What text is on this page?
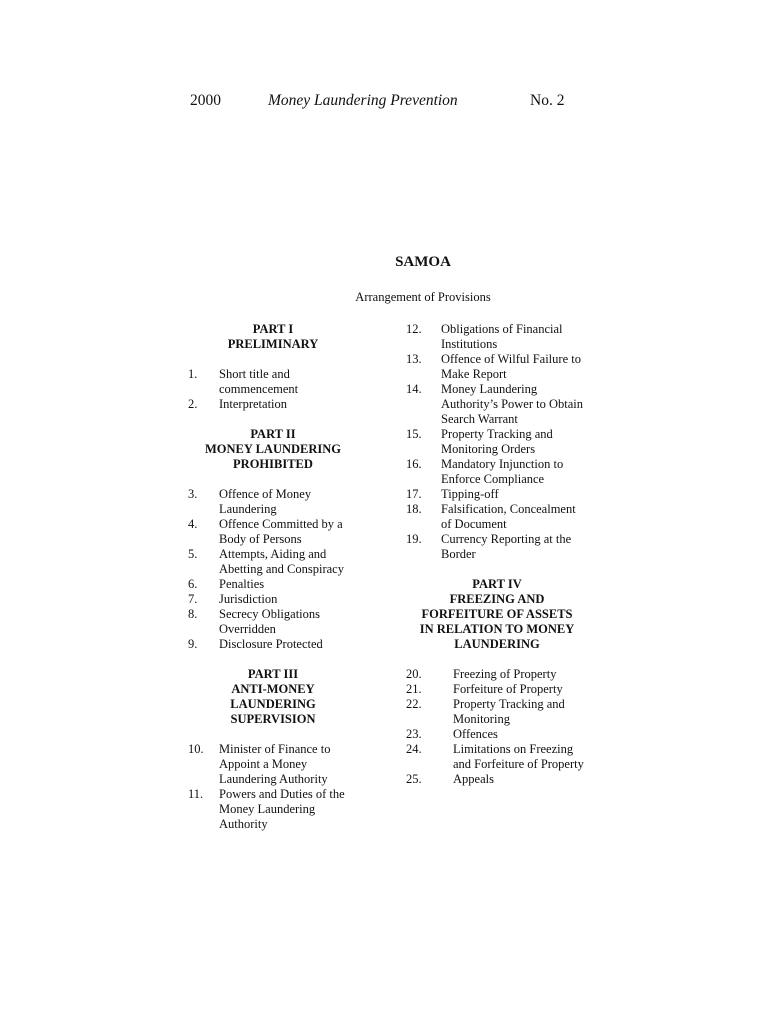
2000	Money Laundering Prevention	No. 2
SAMOA
Arrangement of Provisions
PART I
PRELIMINARY
1.	Short title and commencement
2.	Interpretation
PART II
MONEY LAUNDERING
PROHIBITED
3.	Offence of Money Laundering
4.	Offence Committed by a Body of Persons
5.	Attempts, Aiding and Abetting and Conspiracy
6.	Penalties
7.	Jurisdiction
8.	Secrecy Obligations Overridden
9.	Disclosure Protected
PART III
ANTI-MONEY
LAUNDERING
SUPERVISION
10.	Minister of Finance to Appoint a Money Laundering Authority
11.	Powers and Duties of the Money Laundering Authority
12.	Obligations of Financial Institutions
13.	Offence of Wilful Failure to Make Report
14.	Money Laundering Authority’s Power to Obtain Search Warrant
15.	Property Tracking and Monitoring Orders
16.	Mandatory Injunction to Enforce Compliance
17.	Tipping-off
18.	Falsification, Concealment of Document
19.	Currency Reporting at the Border
PART IV
FREEZING AND
FORFEITURE OF ASSETS
IN RELATION TO MONEY
LAUNDERING
20.	Freezing of Property
21.	Forfeiture of Property
22.	Property Tracking and Monitoring
23.	Offences
24.	Limitations on Freezing and Forfeiture of Property
25.	Appeals
